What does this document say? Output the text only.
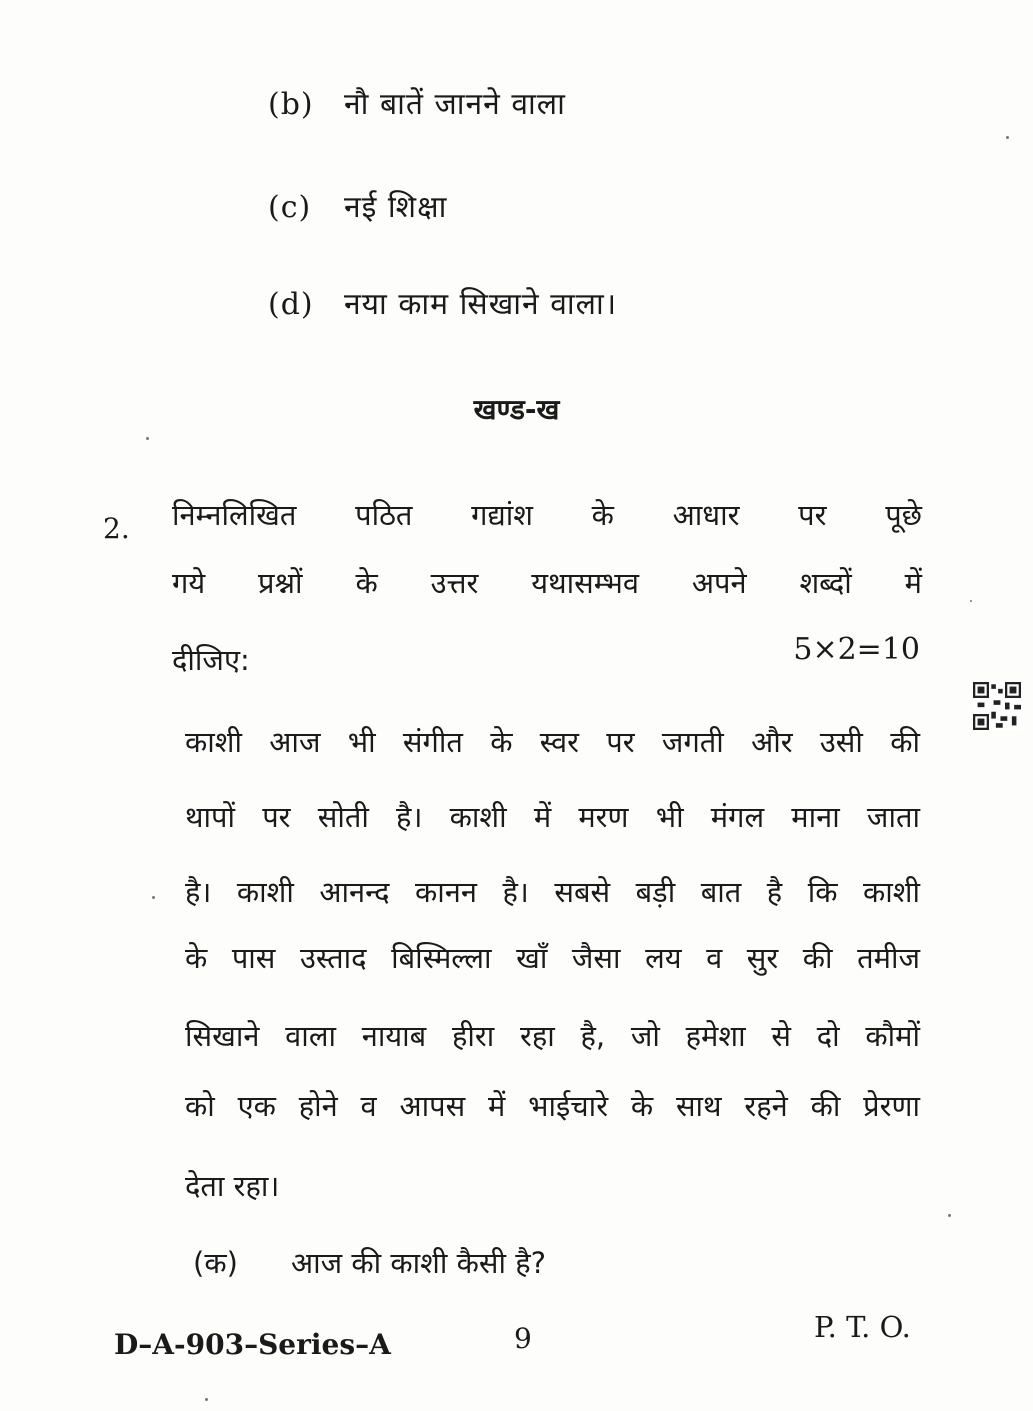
(b) नौ बातें जानने वाला
(c) नई शिक्षा
(d) नया काम सिखाने वाला।
खण्ड-ख
2. निम्नलिखित पठित गद्यांश के आधार पर पूछे
गये प्रश्नों के उत्तर यथासम्भव अपने शब्दों में
दीजिए:	5×2=10
काशी आज भी संगीत के स्वर पर जगती और उसी की
थापों पर सोती है। काशी में मरण भी मंगल माना जाता
है। काशी आनन्द कानन है। सबसे बड़ी बात है कि काशी
के पास उस्ताद बिस्मिल्ला खाँ जैसा लय व सुर की तमीज
सिखाने वाला नायाब हीरा रहा है, जो हमेशा से दो कौमों
को एक होने व आपस में भाईचारे के साथ रहने की प्रेरणा
देता रहा।
(क) आज की काशी कैसी है?
D–A-903–Series–A	9	P. T. O.
